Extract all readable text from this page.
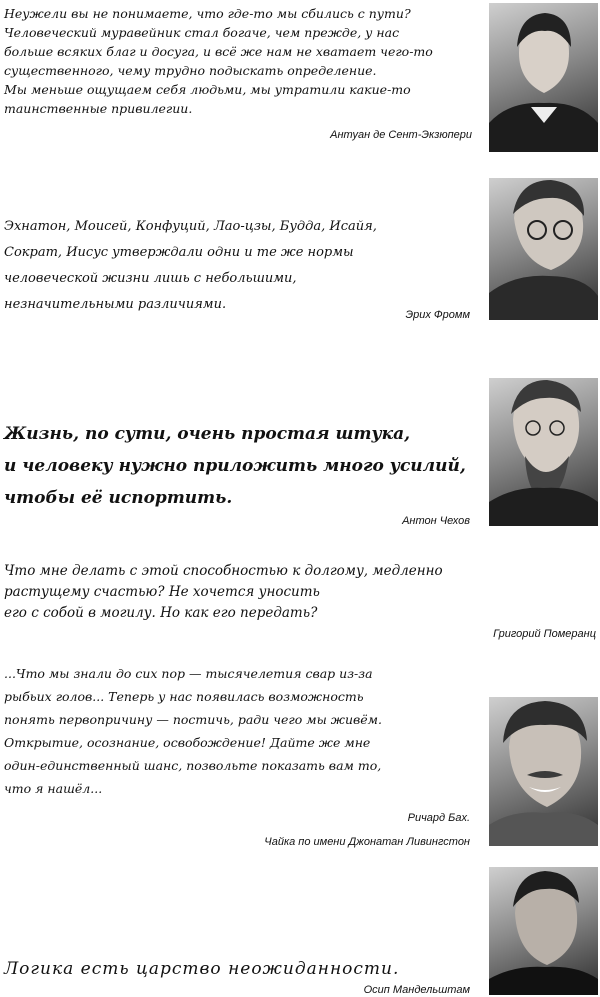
Неужели вы не понимаете, что где-то мы сбились с пути?
Человеческий муравейник стал богаче, чем прежде, у нас
больше всяких благ и досуга, и всё же нам не хватает чего-то
существенного, чему трудно подыскать определение.
Мы меньше ощущаем себя людьми, мы утратили какие-то
таинственные привилегии.
Антуан де Сент-Экзюпери
Эхнатон, Моисей, Конфуций, Лао-цзы, Будда, Исайя,
Сократ, Иисус утверждали одни и те же нормы
человеческой жизни лишь с небольшими,
незначительными различиями.
Эрих Фромм
Жизнь, по сути, очень простая штука,
и человеку нужно приложить много усилий,
чтобы её испортить.
Антон Чехов
Что мне делать с этой способностью к долгому, медленно
растущему счастью? Не хочется уносить
его с собой в могилу. Но как его передать?
Григорий Померанц
...Что мы знали до сих пор — тысячелетия свар из-за
рыбьих голов... Теперь у нас появилась возможность
понять первопричину — постичь, ради чего мы живём.
Открытие, осознание, освобождение! Дайте же мне
один-единственный шанс, позвольте показать вам то,
что я нашёл...
Ричард Бах.
Чайка по имени Джонатан Ливингстон
Логика есть царство неожиданности.
Осип Мандельштам
